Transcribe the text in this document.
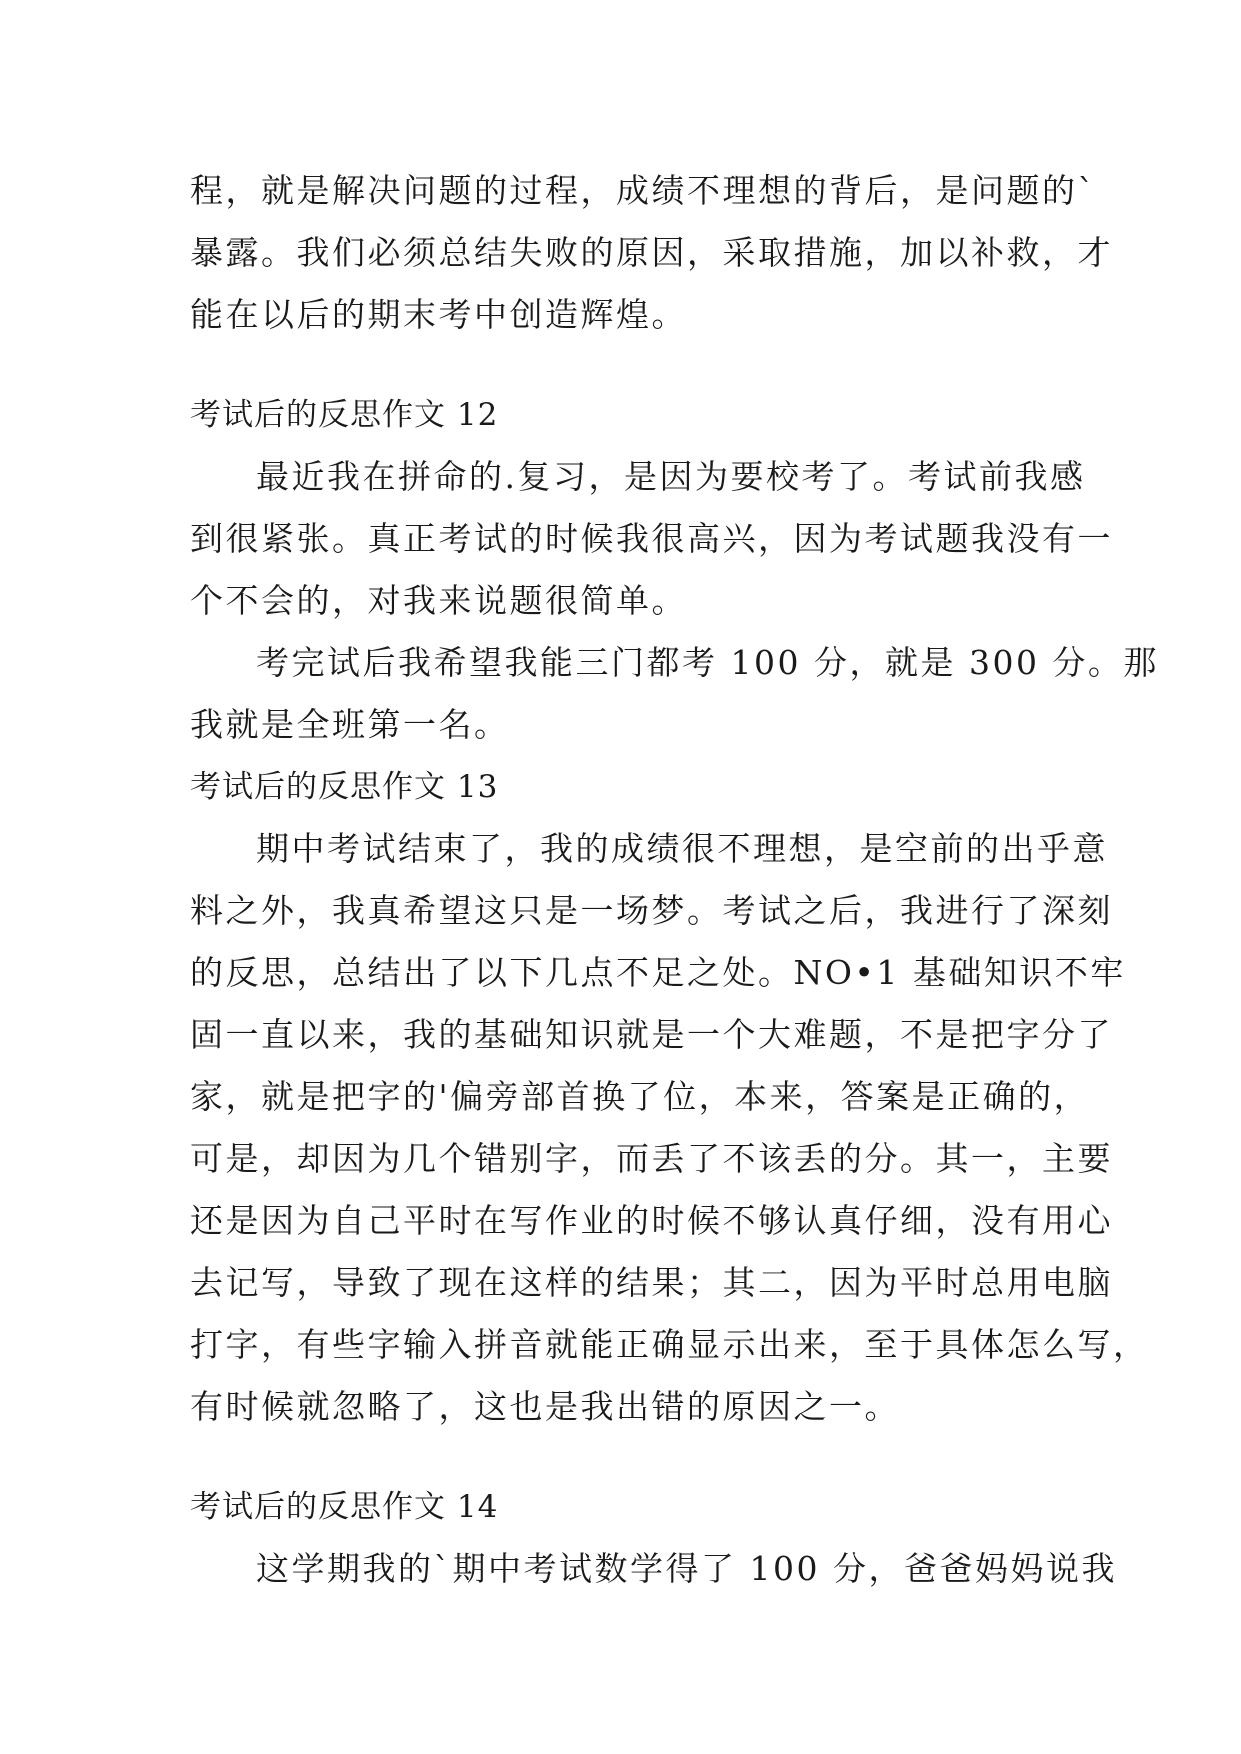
程，就是解决问题的过程，成绩不理想的背后，是问题的`
暴露。我们必须总结失败的原因，采取措施，加以补救，才
能在以后的期末考中创造辉煌。
考试后的反思作文 12
最近我在拼命的.复习，是因为要校考了。考试前我感
到很紧张。真正考试的时候我很高兴，因为考试题我没有一
个不会的，对我来说题很简单。
考完试后我希望我能三门都考 100 分，就是 300 分。那
我就是全班第一名。
考试后的反思作文 13
期中考试结束了，我的成绩很不理想，是空前的出乎意
料之外，我真希望这只是一场梦。考试之后，我进行了深刻
的反思，总结出了以下几点不足之处。NO•1 基础知识不牢
固一直以来，我的基础知识就是一个大难题，不是把字分了
家，就是把字的'偏旁部首换了位，本来，答案是正确的，
可是，却因为几个错别字，而丢了不该丢的分。其一，主要
还是因为自己平时在写作业的时候不够认真仔细，没有用心
去记写，导致了现在这样的结果；其二，因为平时总用电脑
打字，有些字输入拼音就能正确显示出来，至于具体怎么写，
有时候就忽略了，这也是我出错的原因之一。
考试后的反思作文 14
这学期我的`期中考试数学得了 100 分，爸爸妈妈说我
